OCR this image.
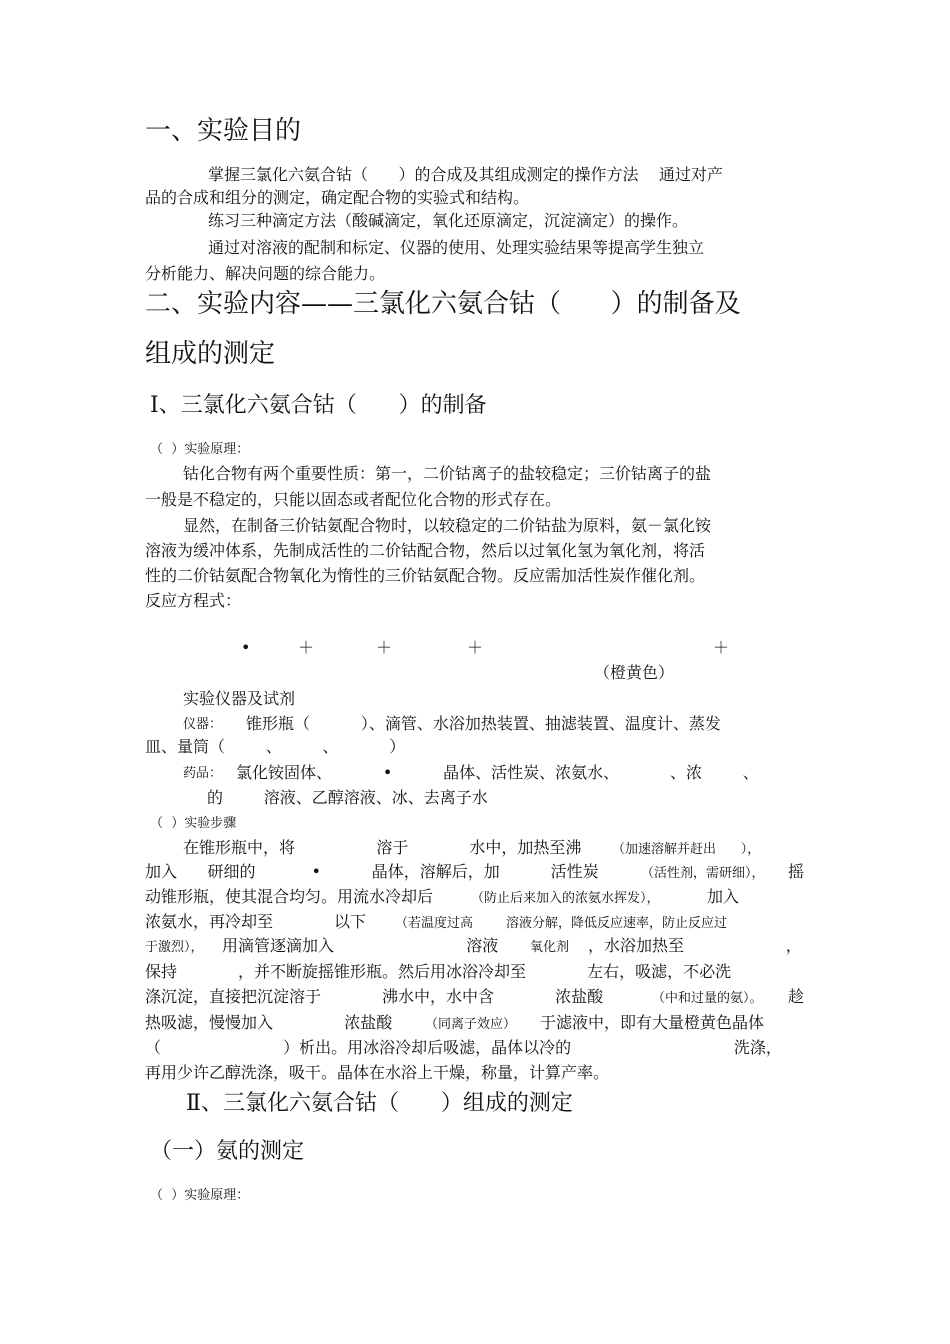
一、实验目的
掌握三氯化六氨合钴（      ）的合成及其组成测定的操作方法    通过对产
品的合成和组分的测定，确定配合物的实验式和结构。
练习三种滴定方法（酸碱滴定，氧化还原滴定，沉淀滴定）的操作。
通过对溶液的配制和标定、仪器的使用、处理实验结果等提高学生独立
分析能力、解决问题的综合能力。
二、实验内容——三氯化六氨合钴（      ）的制备及
组成的测定
Ⅰ、三氯化六氨合钴（      ）的制备
（  ）实验原理：
钴化合物有两个重要性质：第一，二价钴离子的盐较稳定；三价钴离子的盐
一般是不稳定的，只能以固态或者配位化合物的形式存在。
显然，在制备三价钴氨配合物时，以较稳定的二价钴盐为原料，氨－氯化铵
溶液为缓冲体系，先制成活性的二价钴配合物，然后以过氧化氢为氧化剂，将活
性的二价钴氨配合物氧化为惰性的三价钴氨配合物。反应需加活性炭作催化剂。
反应方程式：
•	＋	＋	＋	＋
（橙黄色）
实验仪器及试剂
仪器： 锥形瓶（          ）、滴管、水浴加热装置、抽滤装置、温度计、蒸发
皿、量筒（        、        、          ）
药品： 氯化铵固体、          •          晶体、活性炭、浓氨水、          、浓        、
的        溶液、乙醇溶液、冰、去离子水
（  ）实验步骤
在锥形瓶中，将                溶于            水中，加热至沸 （加速溶解并赶出      ），
加入      研细的           •          晶体，溶解后，加          活性炭	（活性剂，需研细）， 摇
动锥形瓶，使其混合均匀。用流水冷却后	（防止后来加入的浓氨水挥发），	加入
浓氨水，再冷却至            以下 （若温度过高        溶液分解，降低反应速率，防止反应过
于激烈）， 用滴管逐滴加入                          溶液 氧化剂 ，水浴加热至                    ，
保持            ，并不断旋摇锥形瓶。然后用冰浴冷却至            左右，吸滤，不必洗
涤沉淀，直接把沉淀溶于            沸水中，水中含            浓盐酸	（中和过量的氨）。 趁
热吸滤，慢慢加入              浓盐酸	（同离子效应） 于滤液中，即有大量橙黄色晶体
（                        ）析出。用冰浴冷却后吸滤，晶体以冷的                                洗涤，
再用少许乙醇洗涤，吸干。晶体在水浴上干燥，称量，计算产率。
Ⅱ、三氯化六氨合钴（      ）组成的测定
（一）氨的测定
（  ）实验原理：
